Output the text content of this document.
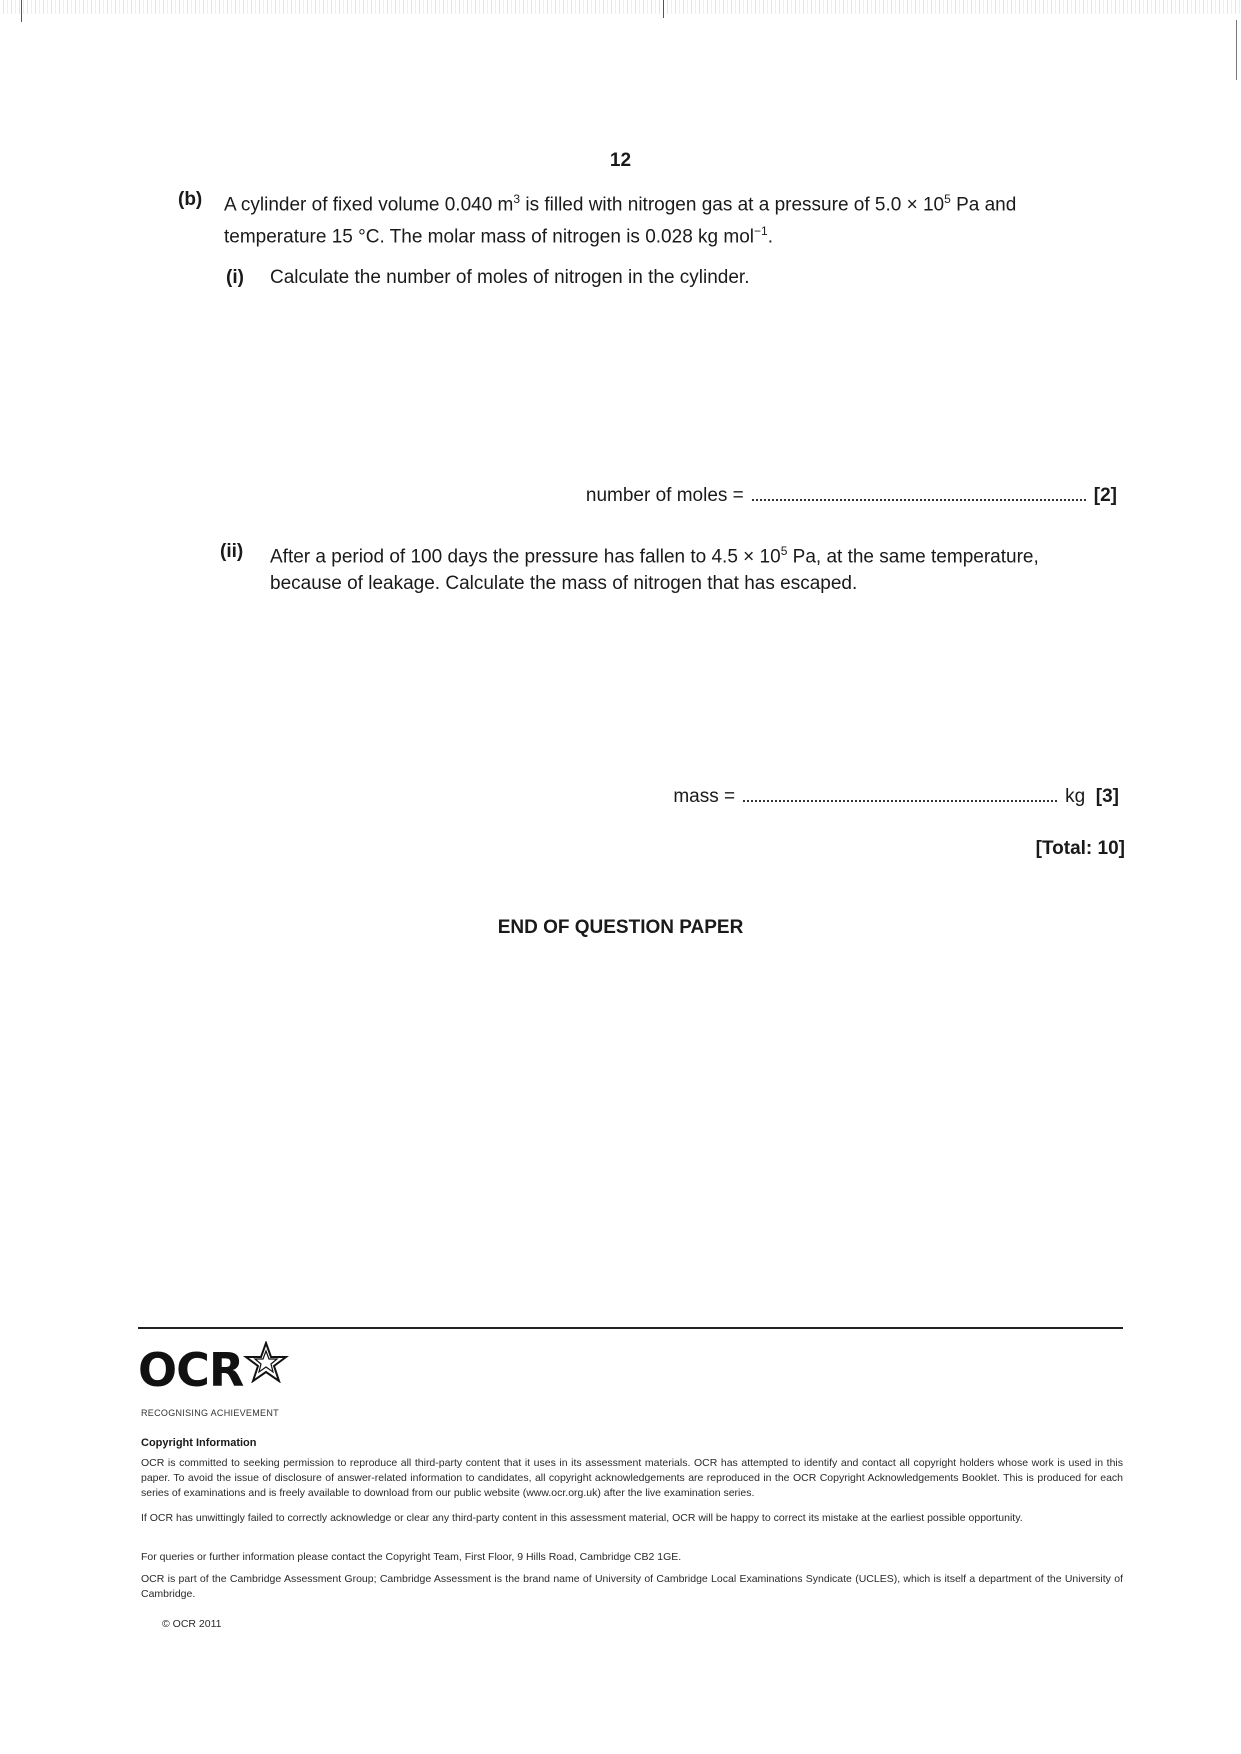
12
(b) A cylinder of fixed volume 0.040 $m^3$ is filled with nitrogen gas at a pressure of $5.0 \times 10^5$ Pa and
temperature 15 °C. The molar mass of nitrogen is 0.028 kg mol$^{-1}$.
(i) Calculate the number of moles of nitrogen in the cylinder.
number of moles =	[2]
(ii) After a period of 100 days the pressure has fallen to $4.5 \times 10^5$ Pa, at the same temperature,
because of leakage. Calculate the mass of nitrogen that has escaped.
mass =	kg [3]
[Total: 10]
END OF QUESTION PAPER
OCR
RECOGNISING ACHIEVEMENT
Copyright Information
OCR is committed to seeking permission to reproduce all third-party content that it uses in its assessment materials. OCR has attempted to identify and contact all copyright holders whose work is used in this paper. To avoid the issue of disclosure of answer-related information to candidates, all copyright acknowledgements are reproduced in the OCR Copyright Acknowledgements Booklet. This is produced for each series of examinations and is freely available to download from our public website (www.ocr.org.uk) after the live examination series.
If OCR has unwittingly failed to correctly acknowledge or clear any third-party content in this assessment material, OCR will be happy to correct its mistake at the earliest possible opportunity.
For queries or further information please contact the Copyright Team, First Floor, 9 Hills Road, Cambridge CB2 1GE.
OCR is part of the Cambridge Assessment Group; Cambridge Assessment is the brand name of University of Cambridge Local Examinations Syndicate (UCLES), which is itself a department of the University of Cambridge.
© OCR 2011
